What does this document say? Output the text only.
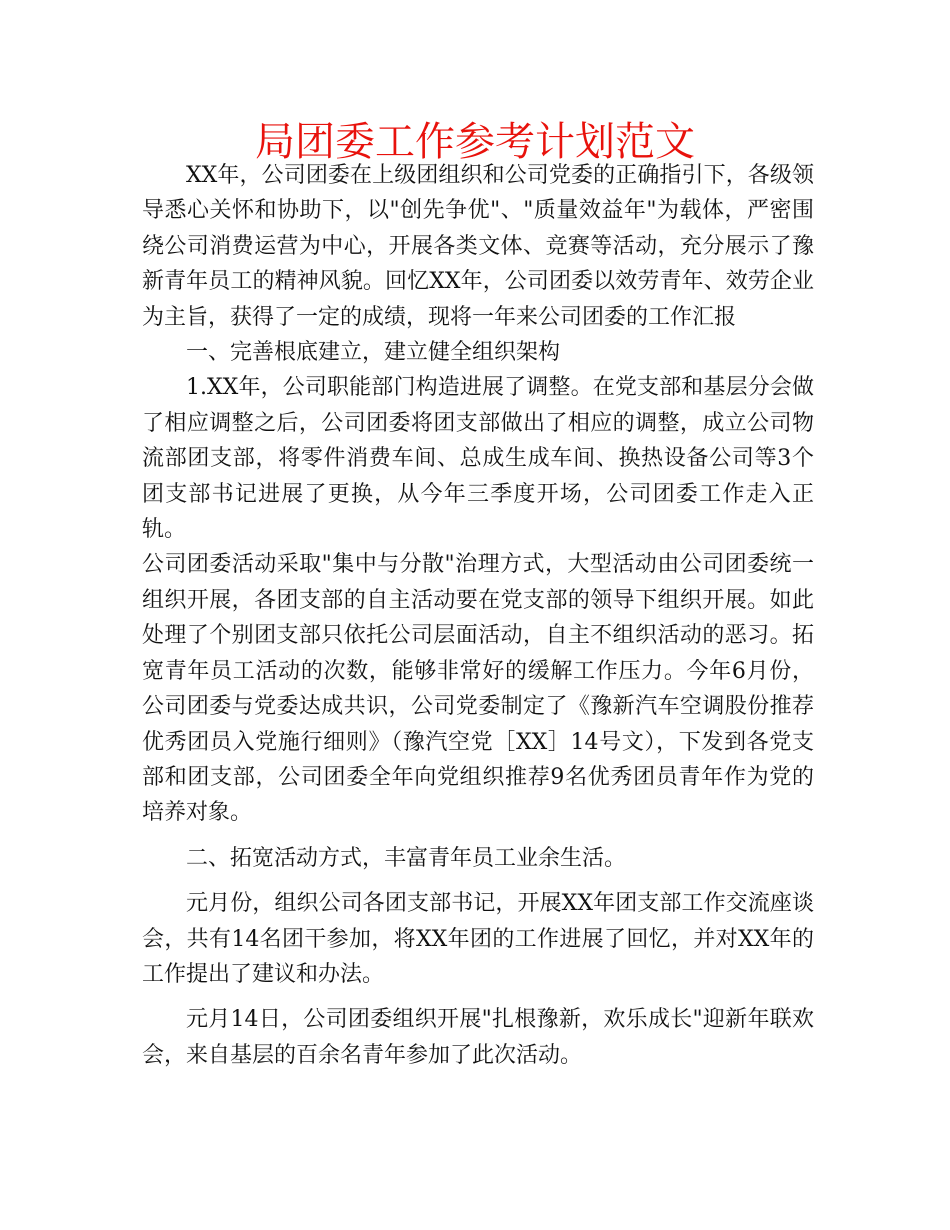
局团委工作参考计划范文

XX年，公司团委在上级团组织和公司党委的正确指引下，各级领导悉心关怀和协助下，以"创先争优"、"质量效益年"为载体，严密围绕公司消费运营为中心，开展各类文体、竞赛等活动，充分展示了豫新青年员工的精神风貌。回忆XX年，公司团委以效劳青年、效劳企业为主旨，获得了一定的成绩，现将一年来公司团委的工作汇报

一、完善根底建立，建立健全组织架构

1.XX年，公司职能部门构造进展了调整。在党支部和基层分会做了相应调整之后，公司团委将团支部做出了相应的调整，成立公司物流部团支部，将零件消费车间、总成生成车间、换热设备公司等3个团支部书记进展了更换，从今年三季度开场，公司团委工作走入正轨。

公司团委活动采取"集中与分散"治理方式，大型活动由公司团委统一组织开展，各团支部的自主活动要在党支部的领导下组织开展。如此处理了个别团支部只依托公司层面活动，自主不组织活动的恶习。拓宽青年员工活动的次数，能够非常好的缓解工作压力。今年6月份，公司团委与党委达成共识，公司党委制定了《豫新汽车空调股份推荐优秀团员入党施行细则》（豫汽空党［XX］14号文），下发到各党支部和团支部，公司团委全年向党组织推荐9名优秀团员青年作为党的培养对象。

二、拓宽活动方式，丰富青年员工业余生活。

元月份，组织公司各团支部书记，开展XX年团支部工作交流座谈会，共有14名团干参加，将XX年团的工作进展了回忆，并对XX年的工作提出了建议和办法。

元月14日，公司团委组织开展"扎根豫新，欢乐成长"迎新年联欢会，来自基层的百余名青年参加了此次活动。
